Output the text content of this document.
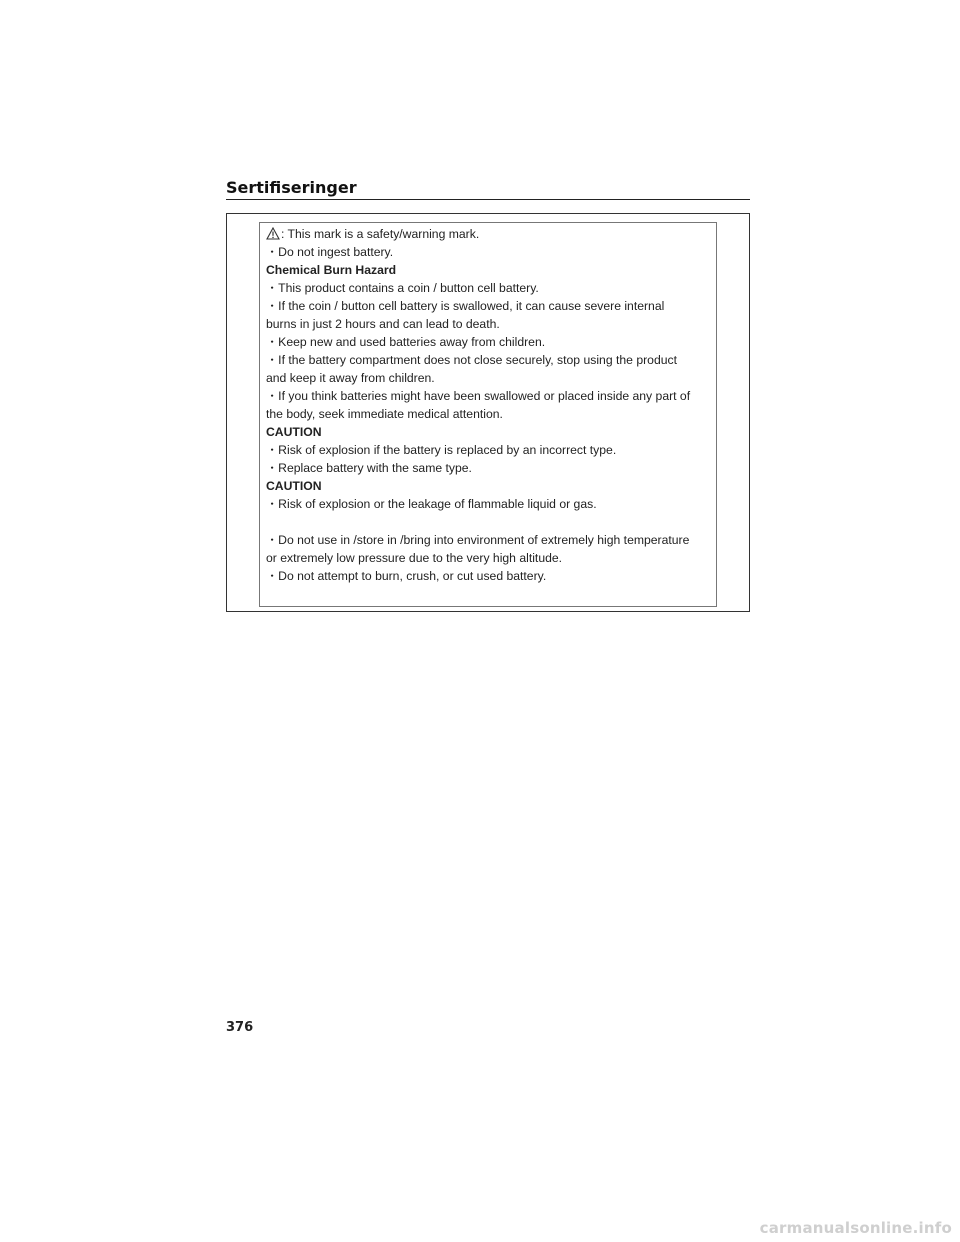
Sertifiseringer
: This mark is a safety/warning mark.
・Do not ingest battery.
Chemical Burn Hazard
・This product contains a coin / button cell battery.
・If the coin / button cell battery is swallowed, it can cause severe internal
burns in just 2 hours and can lead to death.
・Keep new and used batteries away from children.
・If the battery compartment does not close securely, stop using the product
and keep it away from children.
・If you think batteries might have been swallowed or placed inside any part of
the body, seek immediate medical attention.
CAUTION
・Risk of explosion if the battery is replaced by an incorrect type.
・Replace battery with the same type.
CAUTION
・Risk of explosion or the leakage of flammable liquid or gas.
・Do not use in /store in /bring into environment of extremely high temperature
or extremely low pressure due to the very high altitude.
・Do not attempt to burn, crush, or cut used battery.
376
carmanualsonline.info
